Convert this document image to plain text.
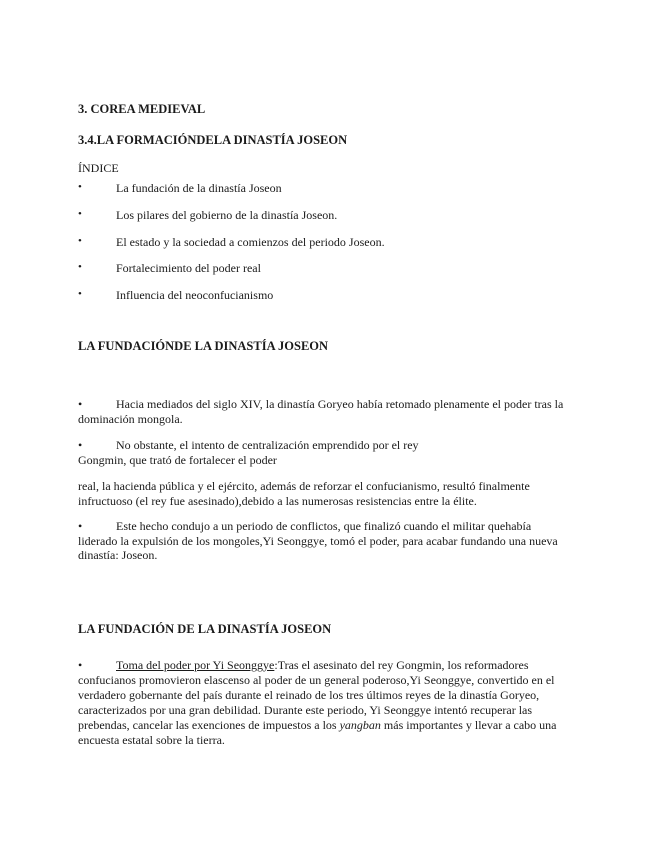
3. COREA MEDIEVAL
3.4.LA FORMACIÓNDELA DINASTÍA JOSEON
ÍNDICE
•	La fundación de la dinastía Joseon
•	Los pilares del gobierno de la dinastía Joseon.
•	El estado y la sociedad a comienzos del periodo Joseon.
•	Fortalecimiento del poder real
•	Influencia del neoconfucianismo
LA FUNDACIÓNDE LA DINASTÍA JOSEON
•	Hacia mediados del siglo XIV, la dinastía Goryeo había retomado plenamente el poder tras la
dominación mongola.
•	No obstante, el intento de centralización emprendido por el rey
Gongmin, que trató de fortalecer el poder
real, la hacienda pública y el ejército, además de reforzar el confucianismo, resultó finalmente
infructuoso (el rey fue asesinado),debido a las numerosas resistencias entre la élite.
•	Este hecho condujo a un periodo de conflictos, que finalizó cuando el militar quehabía
liderado la expulsión de los mongoles,Yi Seonggye, tomó el poder, para acabar fundando una nueva
dinastía: Joseon.
LA FUNDACIÓN DE LA DINASTÍA JOSEON
•	Toma del poder por Yi Seonggye:Tras el asesinato del rey Gongmin, los reformadores
confucianos promovieron elascenso al poder de un general poderoso,Yi Seonggye, convertido en el
verdadero gobernante del país durante el reinado de los tres últimos reyes de la dinastía Goryeo,
caracterizados por una gran debilidad. Durante este periodo, Yi Seonggye intentó recuperar las
prebendas, cancelar las exenciones de impuestos a los yangban más importantes y llevar a cabo una
encuesta estatal sobre la tierra.
